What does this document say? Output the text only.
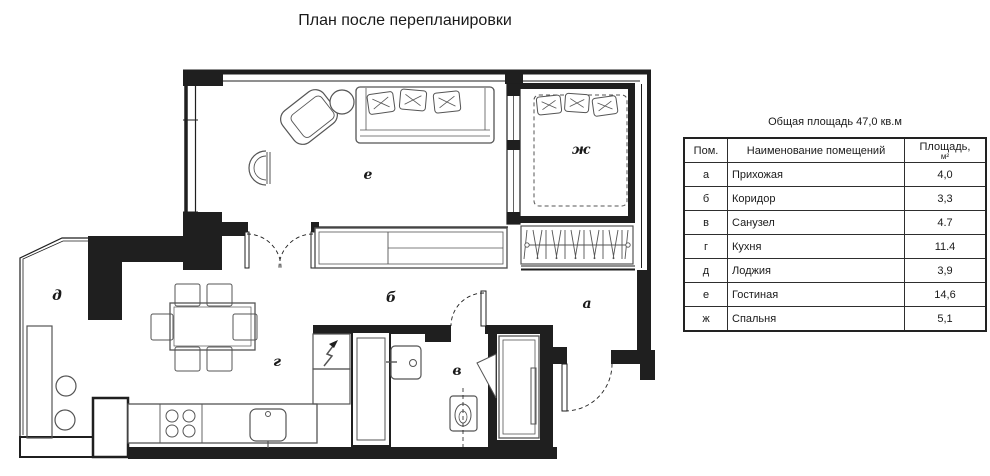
План после перепланировки
а
б
в
г
д
е
ж
Общая площадь 47,0 кв.м
Пом.	Наименование помещений	Площадь,
м²

а	Прихожая	4,0
б	Коридор	3,3
в	Санузел	4.7
г	Кухня	11.4
д	Лоджия	3,9
е	Гостиная	14,6
ж	Спальня	5,1
